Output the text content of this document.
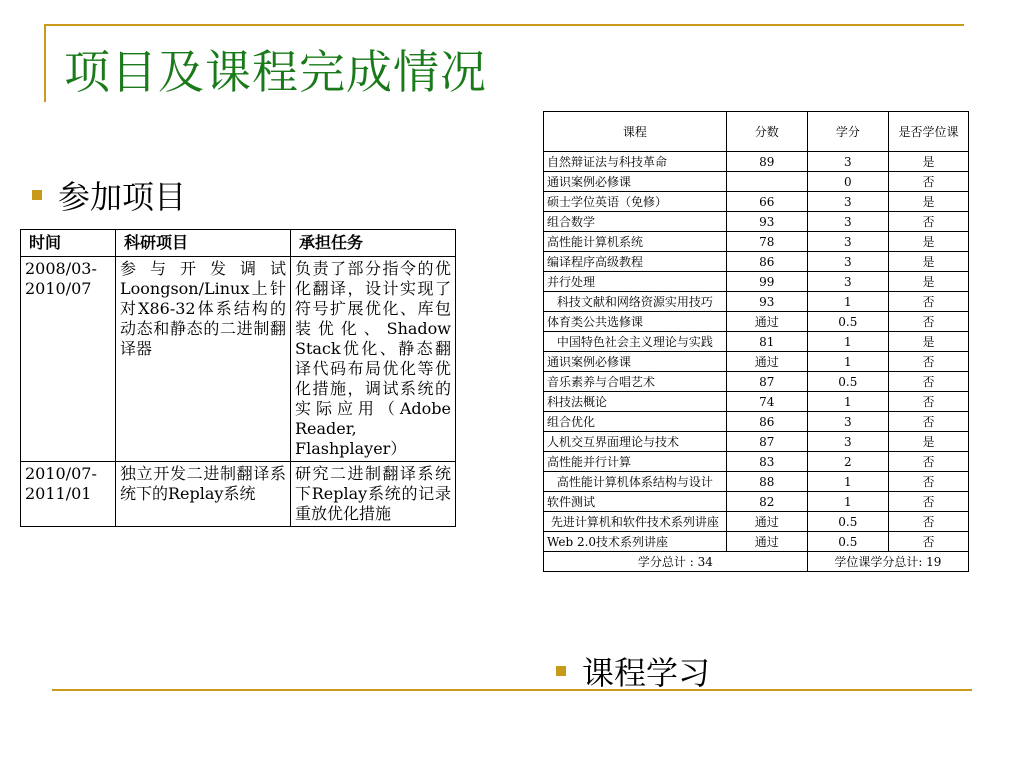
项目及课程完成情况
参加项目
课程学习
时间	科研项目	承担任务
2008/03-2010/07	参与开发调试Loongson/Linux上针对X86-32体系结构的动态和静态的二进制翻译器	负责了部分指令的优化翻译，设计实现了符号扩展优化、库包装优化、Shadow Stack优化、静态翻译代码布局优化等优化措施，调试系统的实际应用（Adobe Reader, Flashplayer）
2010/07-2011/01	独立开发二进制翻译系统下的Replay系统	研究二进制翻译系统下Replay系统的记录重放优化措施
课程	分数	学分	是否学位课
自然辩证法与科技革命	89	3	是
通识案例必修课		0	否
硕士学位英语（免修）	66	3	是
组合数学	93	3	否
高性能计算机系统	78	3	是
编译程序高级教程	86	3	是
并行处理	99	3	是
科技文献和网络资源实用技巧	93	1	否
体育类公共选修课	通过	0.5	否
中国特色社会主义理论与实践	81	1	是
通识案例必修课	通过	1	否
音乐素养与合唱艺术	87	0.5	否
科技法概论	74	1	否
组合优化	86	3	否
人机交互界面理论与技术	87	3	是
高性能并行计算	83	2	否
高性能计算机体系结构与设计	88	1	否
软件测试	82	1	否
先进计算机和软件技术系列讲座	通过	0.5	否
Web 2.0技术系列讲座	通过	0.5	否
学分总计 : 34		学位课学分总计: 19	
